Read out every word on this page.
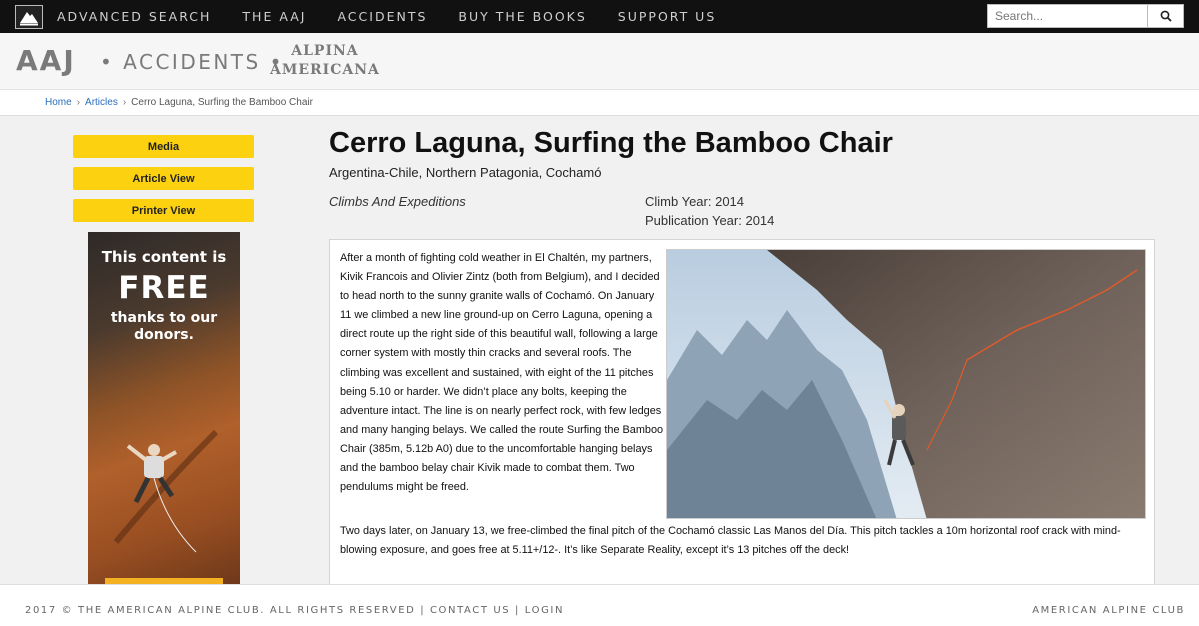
ADVANCED SEARCH THE AAJ ACCIDENTS BUY THE BOOKS SUPPORT US
Search...
AAJ • ACCIDENTS • ALPINA
AMERICANA
Home › Articles › Cerro Laguna, Surfing the Bamboo Chair
Media
Article View
Printer View
This content is
FREE
thanks to our
donors.
Cerro Laguna, Surfing the Bamboo Chair
Argentina-Chile, Northern Patagonia, Cochamó
Climbs And Expeditions	Climb Year: 2014
Publication Year: 2014

After a month of fighting cold weather in El Chaltén, my partners, Kivik Francois and Olivier Zintz (both from Belgium), and I decided to head north to the sunny granite walls of Cochamó. On January 11 we climbed a new line ground-up on Cerro Laguna, opening a direct route up the right side of this beautiful wall, following a large corner system with mostly thin cracks and several roofs. The climbing was excellent and sustained, with eight of the 11 pitches being 5.10 or harder. We didn’t place any bolts, keeping the adventure intact. The line is on nearly perfect rock, with few ledges and many hanging belays. We called the route Surfing the Bamboo Chair (385m, 5.12b A0) due to the uncomfortable hanging belays and the bamboo belay chair Kivik made to combat them. Two pendulums might be freed.

Two days later, on January 13, we free-climbed the final pitch of the Cochamó classic Las Manos del Día. This pitch tackles a 10m horizontal roof crack with mind-blowing exposure, and goes free at 5.11+/12-. It’s like Separate Reality, except it’s 13 pitches off the deck!

2017 © THE AMERICAN ALPINE CLUB. ALL RIGHTS RESERVED | CONTACT US | LOGIN	AMERICAN ALPINE CLUB
